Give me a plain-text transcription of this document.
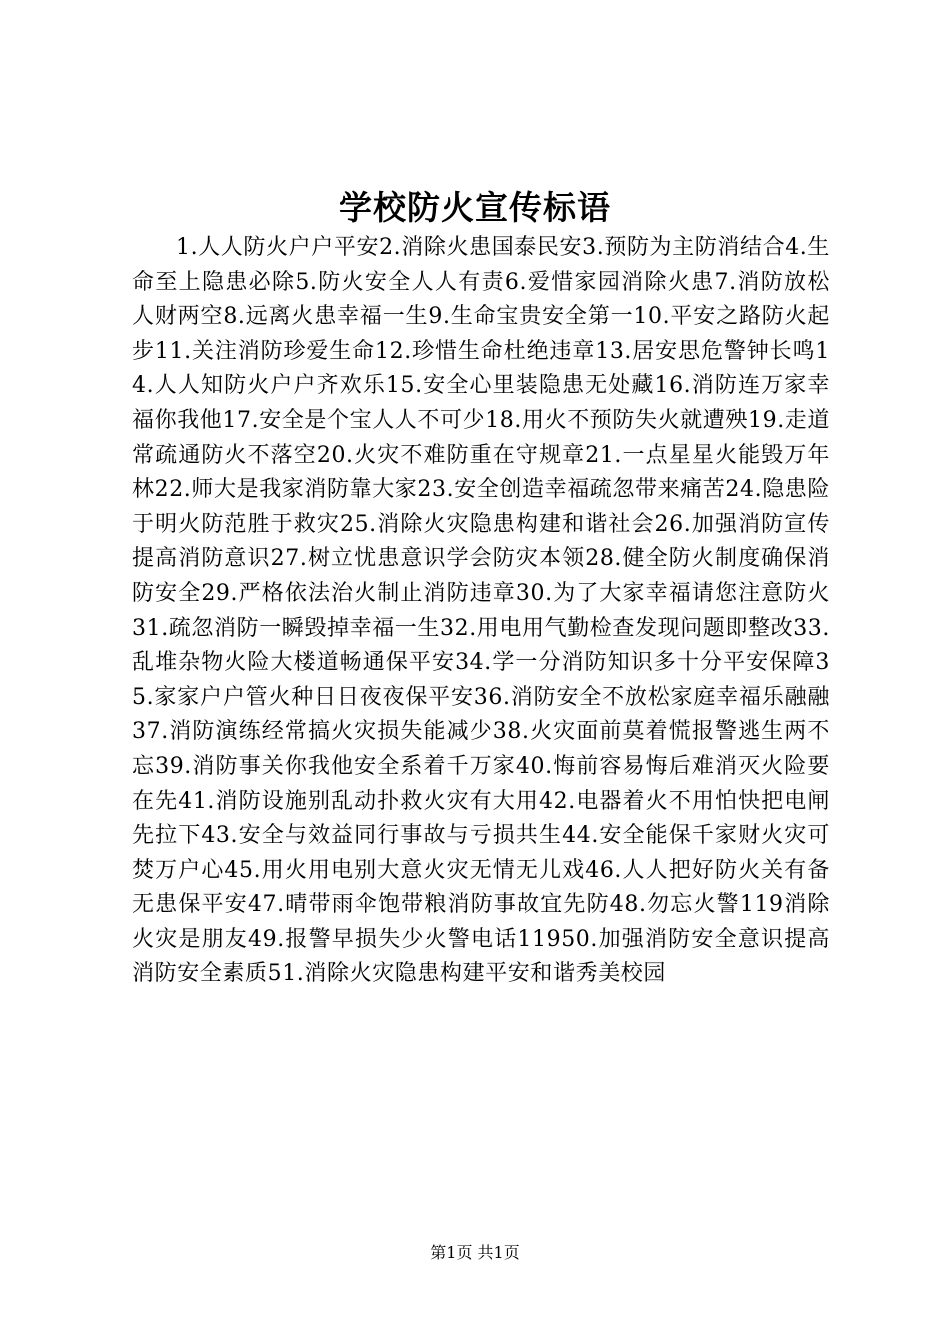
学校防火宣传标语

1.人人防火户户平安2.消除火患国泰民安3.预防为主防消结合4.生命至上隐患必除5.防火安全人人有责6.爱惜家园消除火患7.消防放松人财两空8.远离火患幸福一生9.生命宝贵安全第一10.平安之路防火起步11.关注消防珍爱生命12.珍惜生命杜绝违章13.居安思危警钟长鸣14.人人知防火户户齐欢乐15.安全心里装隐患无处藏16.消防连万家幸福你我他17.安全是个宝人人不可少18.用火不预防失火就遭殃19.走道常疏通防火不落空20.火灾不难防重在守规章21.一点星星火能毁万年林22.师大是我家消防靠大家23.安全创造幸福疏忽带来痛苦24.隐患险于明火防范胜于救灾25.消除火灾隐患构建和谐社会26.加强消防宣传提高消防意识27.树立忧患意识学会防灾本领28.健全防火制度确保消防安全29.严格依法治火制止消防违章30.为了大家幸福请您注意防火31.疏忽消防一瞬毁掉幸福一生32.用电用气勤检查发现问题即整改33.乱堆杂物火险大楼道畅通保平安34.学一分消防知识多十分平安保障35.家家户户管火种日日夜夜保平安36.消防安全不放松家庭幸福乐融融37.消防演练经常搞火灾损失能减少38.火灾面前莫着慌报警逃生两不忘39.消防事关你我他安全系着千万家40.悔前容易悔后难消灭火险要在先41.消防设施别乱动扑救火灾有大用42.电器着火不用怕快把电闸先拉下43.安全与效益同行事故与亏损共生44.安全能保千家财火灾可焚万户心45.用火用电别大意火灾无情无儿戏46.人人把好防火关有备无患保平安47.晴带雨伞饱带粮消防事故宜先防48.勿忘火警119消除火灾是朋友49.报警早损失少火警电话11950.加强消防安全意识提高消防安全素质51.消除火灾隐患构建平安和谐秀美校园

第1页 共1页
